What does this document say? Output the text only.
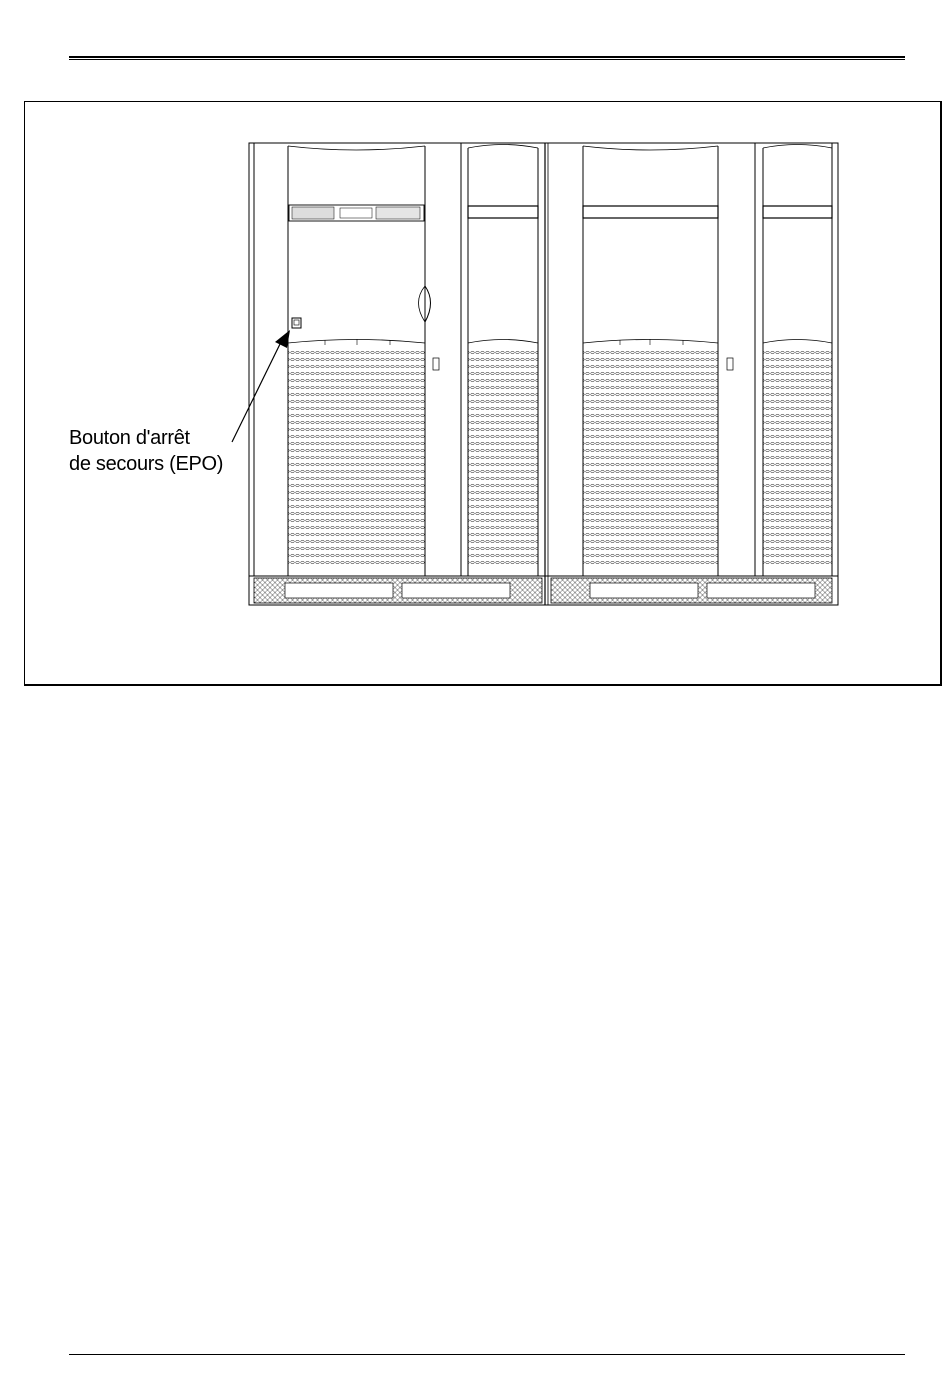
Bouton d'arrêt
de secours (EPO)
